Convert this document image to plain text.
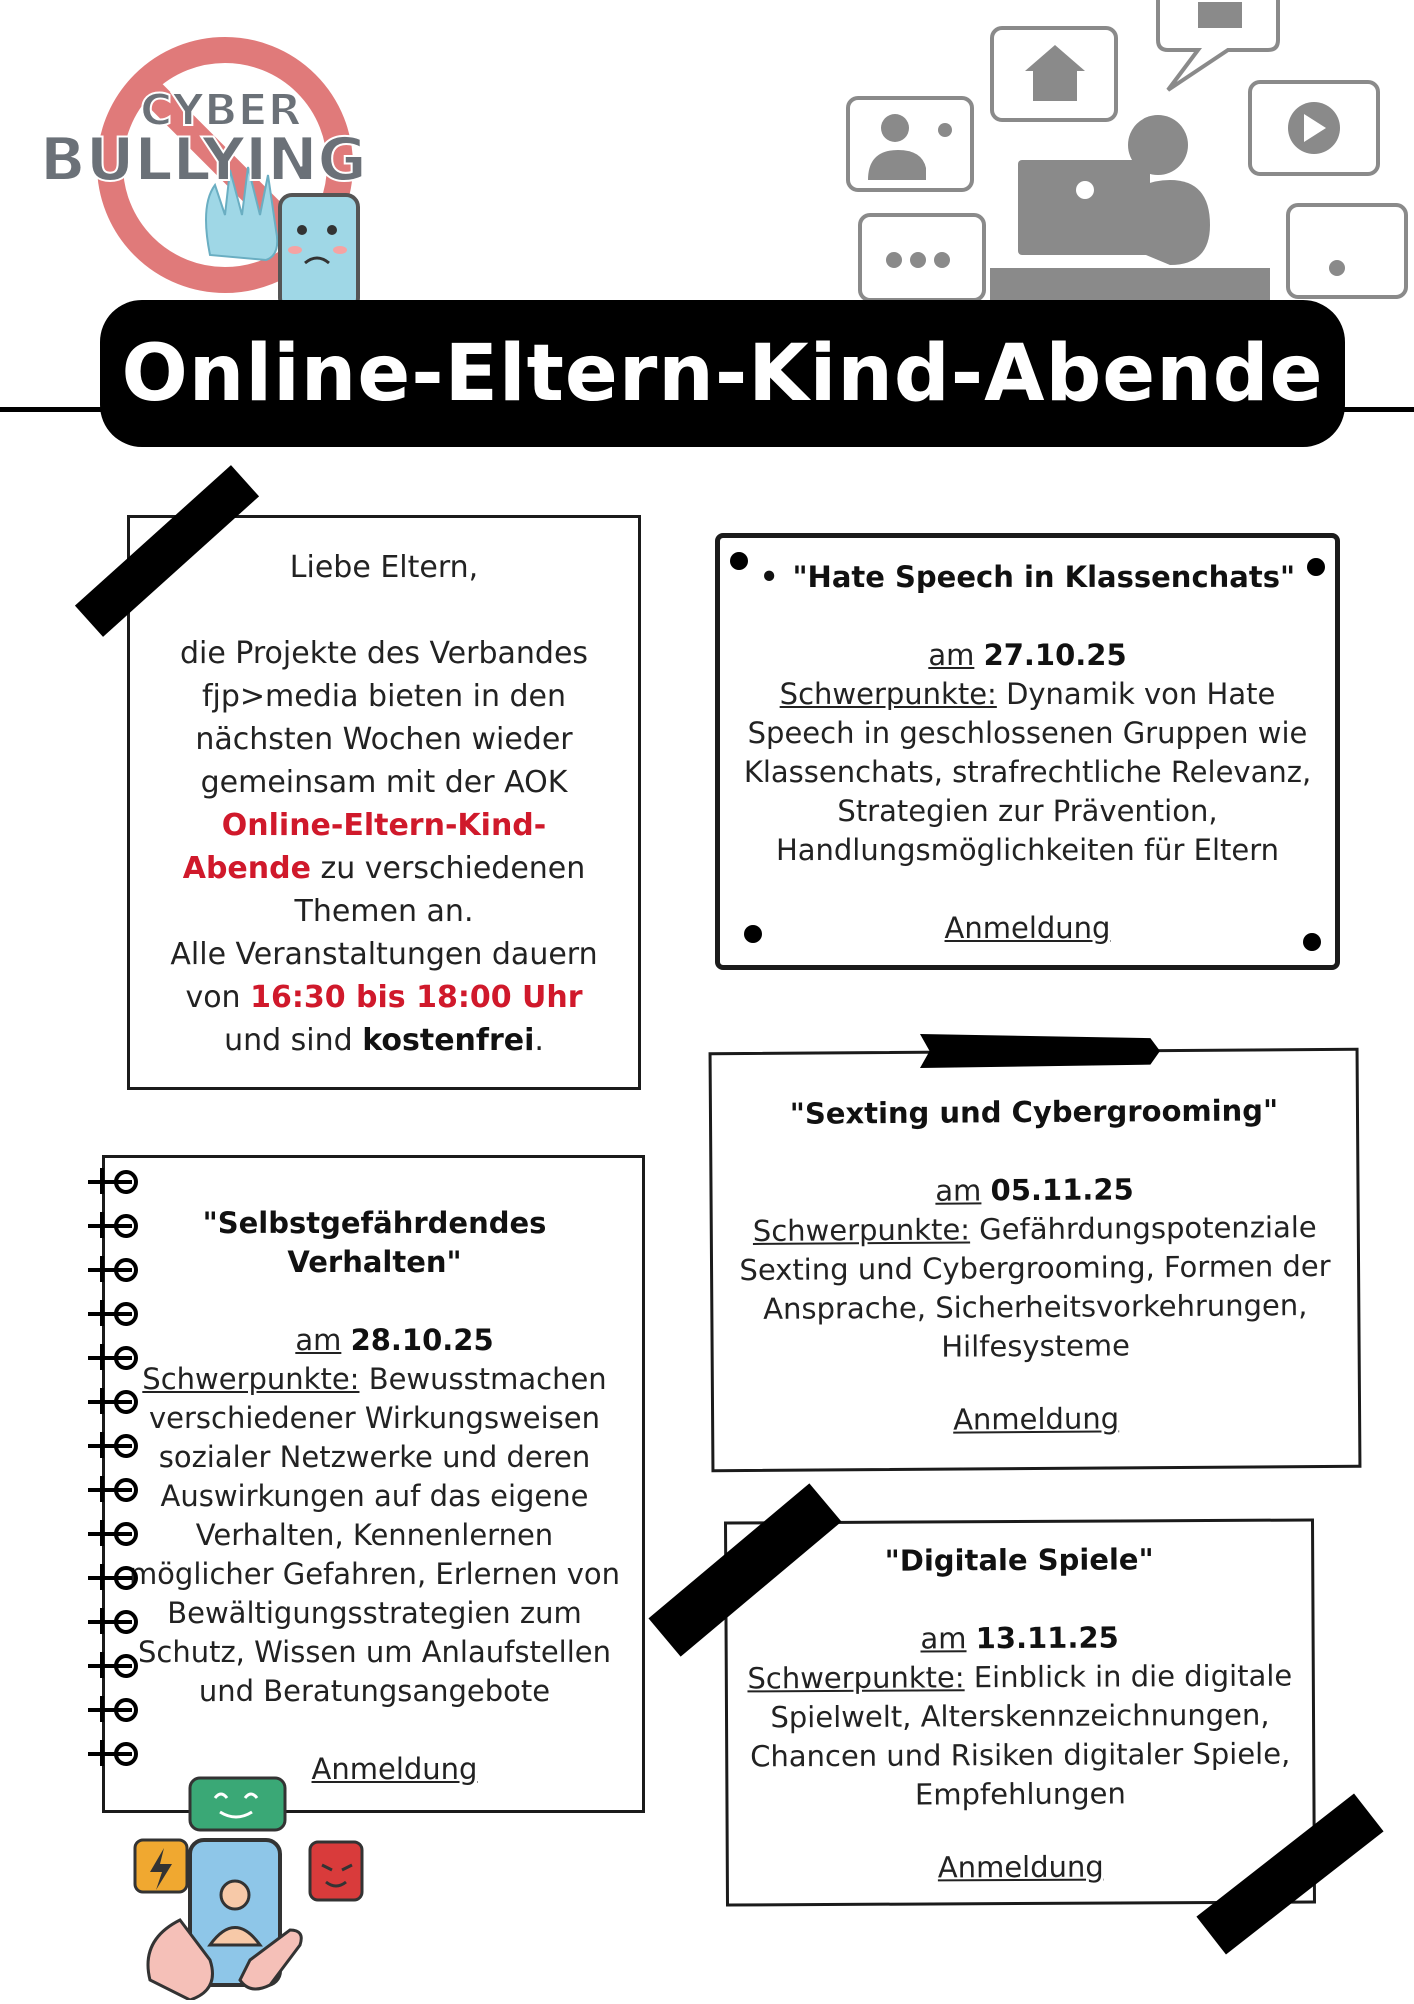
CYBER
BULLYING
Online-Eltern-Kind-Abende
Liebe Eltern,
die Projekte des Verbandes fjp>media bieten in den nächsten Wochen wieder gemeinsam mit der AOK Online-Eltern-Kind-Abende zu verschiedenen Themen an.
Alle Veranstaltungen dauern von 16:30 bis 18:00 Uhr und sind kostenfrei.
• "Hate Speech in Klassenchats"
am 27.10.25
Schwerpunkte: Dynamik von Hate Speech in geschlossenen Gruppen wie Klassenchats, strafrechtliche Relevanz, Strategien zur Prävention, Handlungsmöglichkeiten für Eltern
Anmeldung
"Selbstgefährdendes Verhalten"
am 28.10.25
Schwerpunkte: Bewusstmachen verschiedener Wirkungsweisen sozialer Netzwerke und deren Auswirkungen auf das eigene Verhalten, Kennenlernen möglicher Gefahren, Erlernen von Bewältigungsstrategien zum Schutz, Wissen um Anlaufstellen und Beratungsangebote
Anmeldung
"Sexting und Cybergrooming"
am 05.11.25
Schwerpunkte: Gefährdungspotenziale Sexting und Cybergrooming, Formen der Ansprache, Sicherheitsvorkehrungen, Hilfesysteme
Anmeldung
"Digitale Spiele"
am 13.11.25
Schwerpunkte: Einblick in die digitale Spielwelt, Alterskennzeichnungen, Chancen und Risiken digitaler Spiele, Empfehlungen
Anmeldung
